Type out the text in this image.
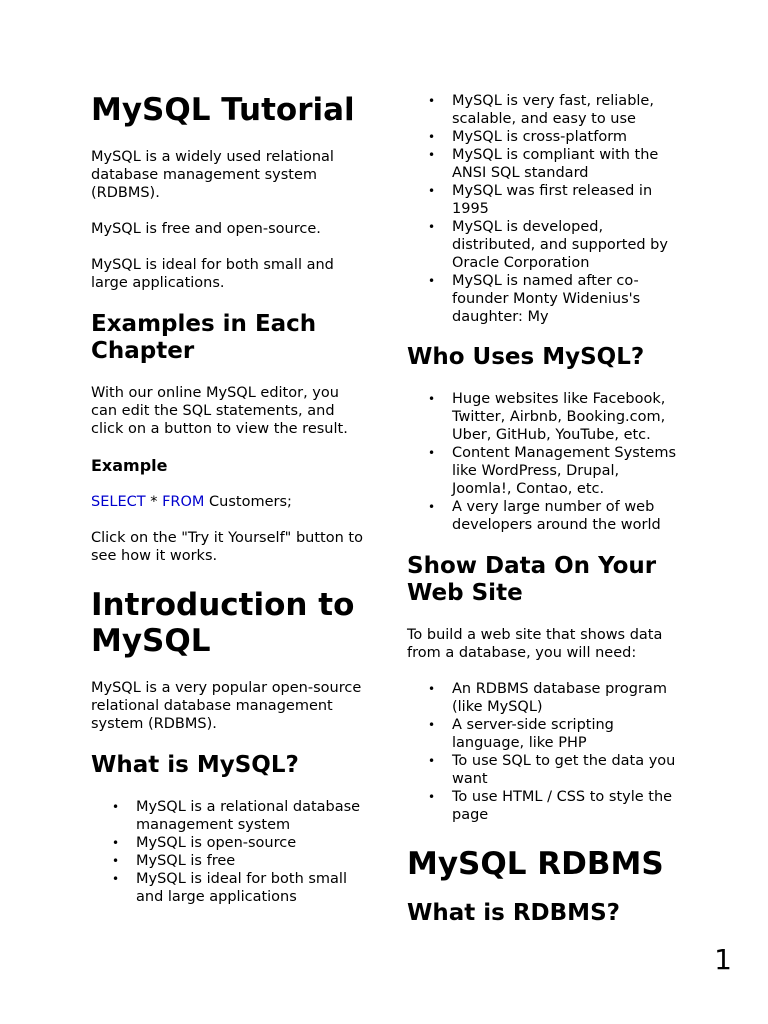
MySQL Tutorial

MySQL is a widely used relational database management system (RDBMS).

MySQL is free and open-source.

MySQL is ideal for both small and large applications.

Examples in Each Chapter

With our online MySQL editor, you can edit the SQL statements, and click on a button to view the result.

Example

SELECT * FROM Customers;

Click on the "Try it Yourself" button to see how it works.

Introduction to MySQL

MySQL is a very popular open-source relational database management system (RDBMS).

What is MySQL?
• MySQL is a relational database management system
• MySQL is open-source
• MySQL is free
• MySQL is ideal for both small and large applications
• MySQL is very fast, reliable, scalable, and easy to use
• MySQL is cross-platform
• MySQL is compliant with the ANSI SQL standard
• MySQL was first released in 1995
• MySQL is developed, distributed, and supported by Oracle Corporation
• MySQL is named after co-founder Monty Widenius's daughter: My
Who Uses MySQL?
• Huge websites like Facebook, Twitter, Airbnb, Booking.com, Uber, GitHub, YouTube, etc.
• Content Management Systems like WordPress, Drupal, Joomla!, Contao, etc.
• A very large number of web developers around the world
Show Data On Your Web Site

To build a web site that shows data from a database, you will need:

• An RDBMS database program (like MySQL)
• A server-side scripting language, like PHP
• To use SQL to get the data you want
• To use HTML / CSS to style the page
MySQL RDBMS
What is RDBMS?
1
